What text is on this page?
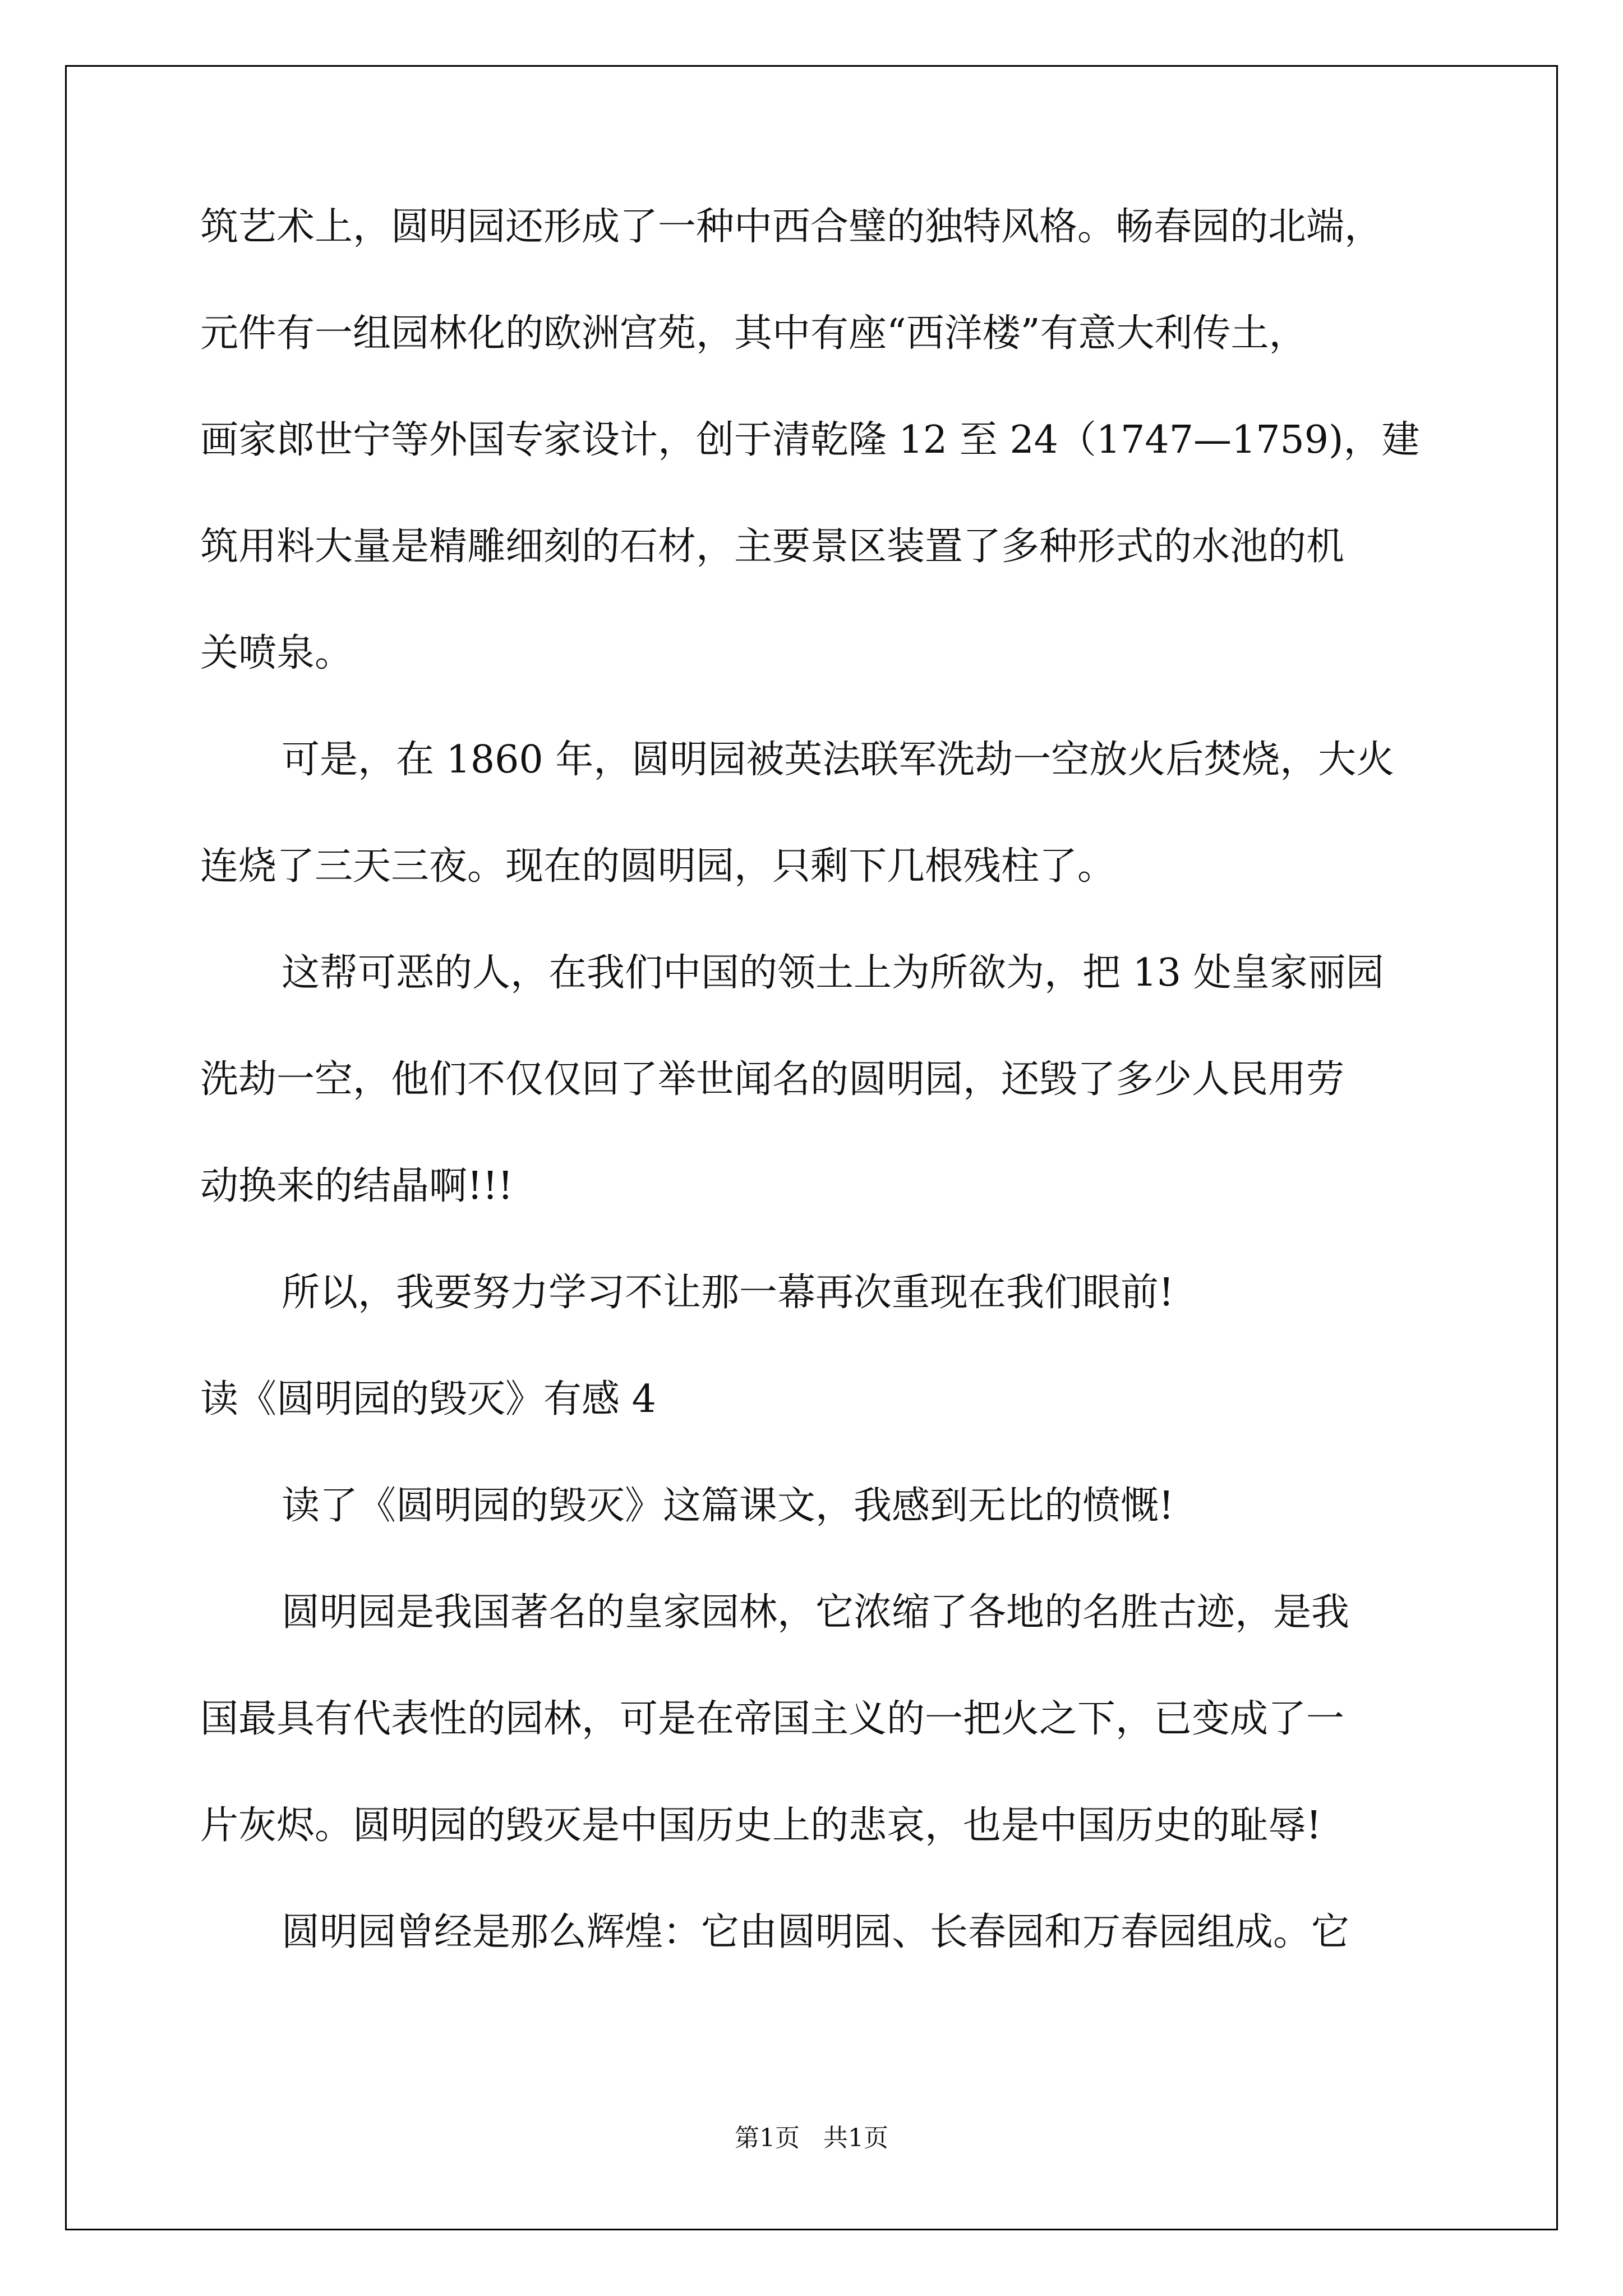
筑艺术上，圆明园还形成了一种中西合璧的独特风格。畅春园的北端，
元件有一组园林化的欧洲宫苑，其中有座“西洋楼”有意大利传土，
画家郎世宁等外国专家设计，创于清乾隆 12 至 24（1747—1759)，建
筑用料大量是精雕细刻的石材，主要景区装置了多种形式的水池的机
关喷泉。
可是，在 1860 年，圆明园被英法联军洗劫一空放火后焚烧，大火
连烧了三天三夜。现在的圆明园，只剩下几根残柱了。
这帮可恶的人，在我们中国的领土上为所欲为，把 13 处皇家丽园
洗劫一空，他们不仅仅回了举世闻名的圆明园，还毁了多少人民用劳
动换来的结晶啊!!!
所以，我要努力学习不让那一幕再次重现在我们眼前!
读《圆明园的毁灭》有感 4
读了《圆明园的毁灭》这篇课文，我感到无比的愤慨!
圆明园是我国著名的皇家园林，它浓缩了各地的名胜古迹，是我
国最具有代表性的园林，可是在帝国主义的一把火之下，已变成了一
片灰烬。圆明园的毁灭是中国历史上的悲哀，也是中国历史的耻辱!
圆明园曾经是那么辉煌：它由圆明园、长春园和万春园组成。它
第1页   共1页
